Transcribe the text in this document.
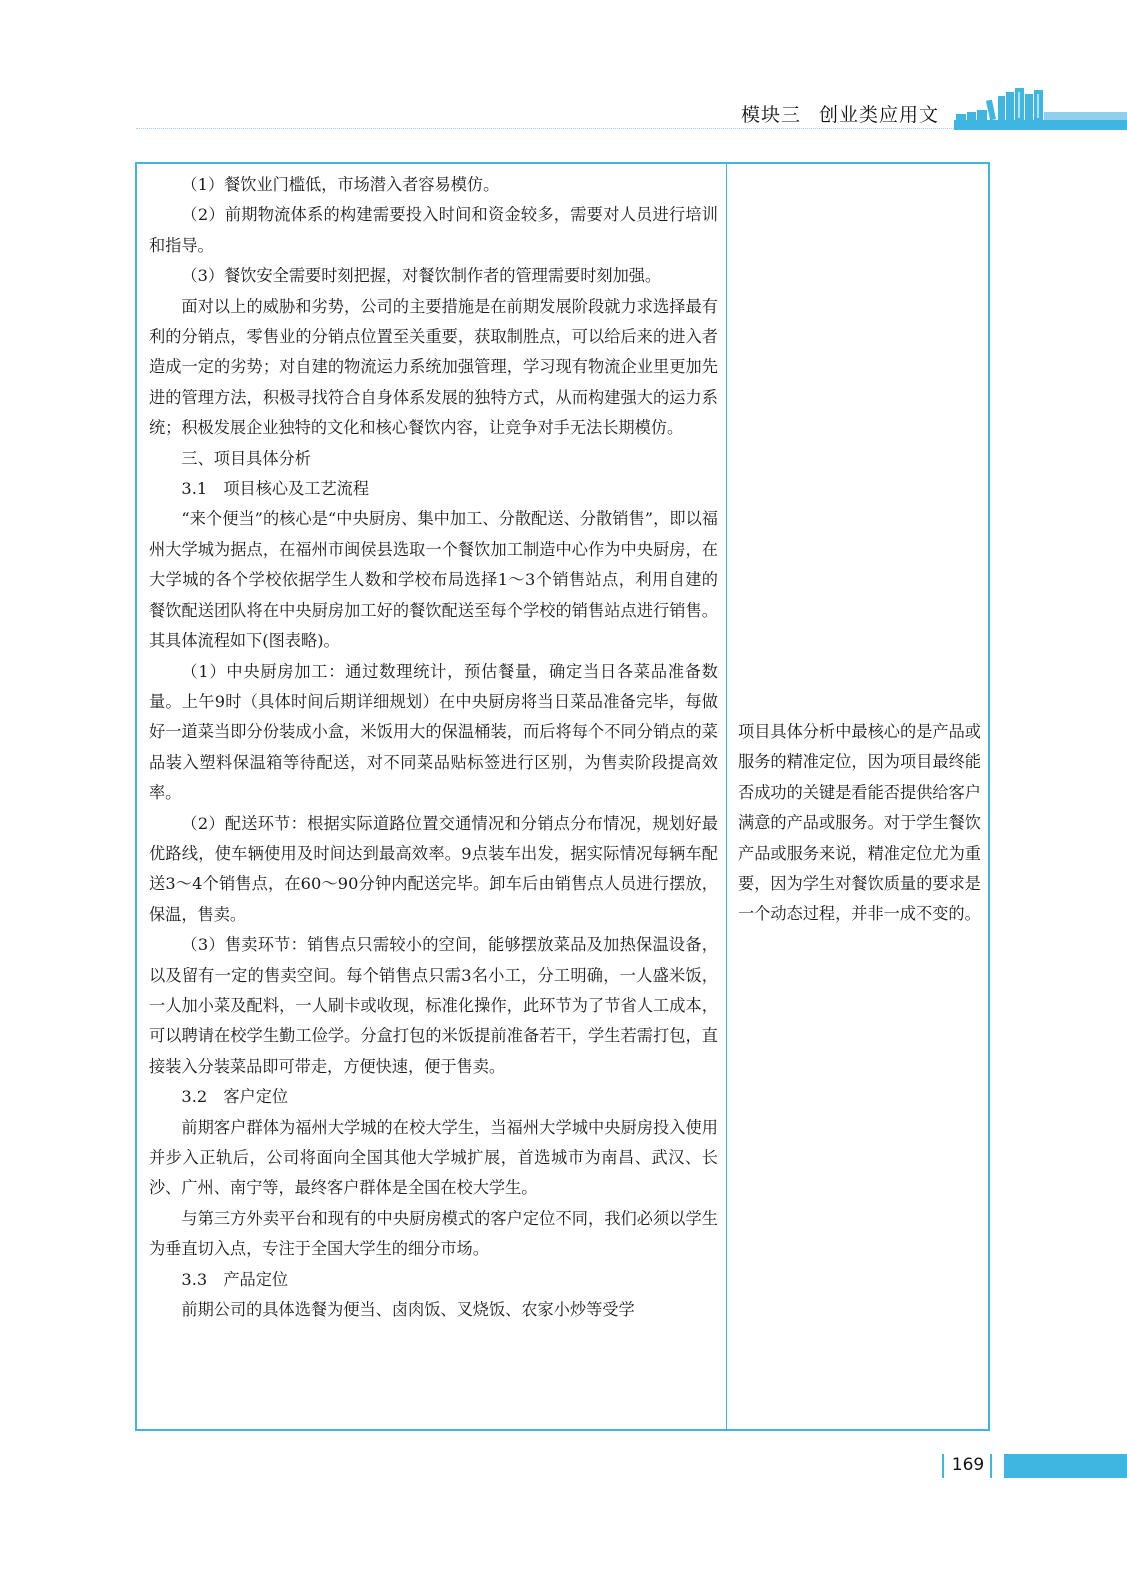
模块三 创业类应用文

（1）餐饮业门槛低，市场潜入者容易模仿。

（2）前期物流体系的构建需要投入时间和资金较多，需要对人员进行培训和指导。

（3）餐饮安全需要时刻把握，对餐饮制作者的管理需要时刻加强。

面对以上的威胁和劣势，公司的主要措施是在前期发展阶段就力求选择最有利的分销点，零售业的分销点位置至关重要，获取制胜点，可以给后来的进入者造成一定的劣势；对自建的物流运力系统加强管理，学习现有物流企业里更加先进的管理方法，积极寻找符合自身体系发展的独特方式，从而构建强大的运力系统；积极发展企业独特的文化和核心餐饮内容，让竞争对手无法长期模仿。

三、项目具体分析

3.1　项目核心及工艺流程

“来个便当”的核心是“中央厨房、集中加工、分散配送、分散销售”，即以福州大学城为据点，在福州市闽侯县选取一个餐饮加工制造中心作为中央厨房，在大学城的各个学校依据学生人数和学校布局选择1～3个销售站点，利用自建的餐饮配送团队将在中央厨房加工好的餐饮配送至每个学校的销售站点进行销售。其具体流程如下(图表略)。

（1）中央厨房加工：通过数理统计，预估餐量，确定当日各菜品准备数量。上午9时（具体时间后期详细规划）在中央厨房将当日菜品准备完毕，每做好一道菜当即分份装成小盒，米饭用大的保温桶装，而后将每个不同分销点的菜品装入塑料保温箱等待配送，对不同菜品贴标签进行区别，为售卖阶段提高效率。

（2）配送环节：根据实际道路位置交通情况和分销点分布情况，规划好最优路线，使车辆使用及时间达到最高效率。9点装车出发，据实际情况每辆车配送3～4个销售点，在60～90分钟内配送完毕。卸车后由销售点人员进行摆放，保温，售卖。

（3）售卖环节：销售点只需较小的空间，能够摆放菜品及加热保温设备，以及留有一定的售卖空间。每个销售点只需3名小工，分工明确，一人盛米饭，一人加小菜及配料，一人刷卡或收现，标准化操作，此环节为了节省人工成本，可以聘请在校学生勤工俭学。分盒打包的米饭提前准备若干，学生若需打包，直接装入分装菜品即可带走，方便快速，便于售卖。

3.2　客户定位

前期客户群体为福州大学城的在校大学生，当福州大学城中央厨房投入使用并步入正轨后，公司将面向全国其他大学城扩展，首选城市为南昌、武汉、长沙、广州、南宁等，最终客户群体是全国在校大学生。

与第三方外卖平台和现有的中央厨房模式的客户定位不同，我们必须以学生为垂直切入点，专注于全国大学生的细分市场。

3.3　产品定位

前期公司的具体选餐为便当、卤肉饭、叉烧饭、农家小炒等受学

项目具体分析中最核心的是产品或服务的精准定位，因为项目最终能否成功的关键是看能否提供给客户满意的产品或服务。对于学生餐饮产品或服务来说，精准定位尤为重要，因为学生对餐饮质量的要求是一个动态过程，并非一成不变的。

169
